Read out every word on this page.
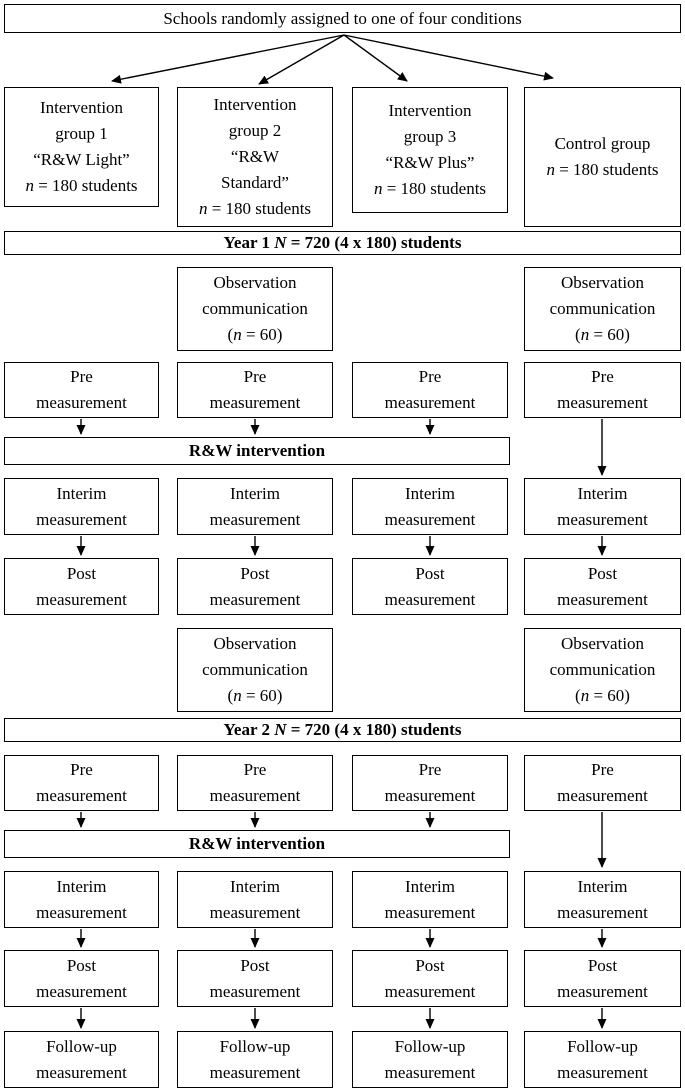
Schools randomly assigned to one of four conditions
Intervention
group 1
“R&W Light”
n = 180 students
Intervention
group 2
“R&W
Standard”
n = 180 students
Intervention
group 3
“R&W Plus”
n = 180 students
Control group
n = 180 students
Year 1 N = 720 (4 x 180) students
Observation
communication
(n = 60)
Observation
communication
(n = 60)
Pre
measurement
Pre
measurement
Pre
measurement
Pre
measurement
R&W intervention
Interim
measurement
Interim
measurement
Interim
measurement
Interim
measurement
Post
measurement
Post
measurement
Post
measurement
Post
measurement
Observation
communication
(n = 60)
Observation
communication
(n = 60)
Year 2 N = 720 (4 x 180) students
Pre
measurement
Pre
measurement
Pre
measurement
Pre
measurement
R&W intervention
Interim
measurement
Interim
measurement
Interim
measurement
Interim
measurement
Post
measurement
Post
measurement
Post
measurement
Post
measurement
Follow-up
measurement
Follow-up
measurement
Follow-up
measurement
Follow-up
measurement
